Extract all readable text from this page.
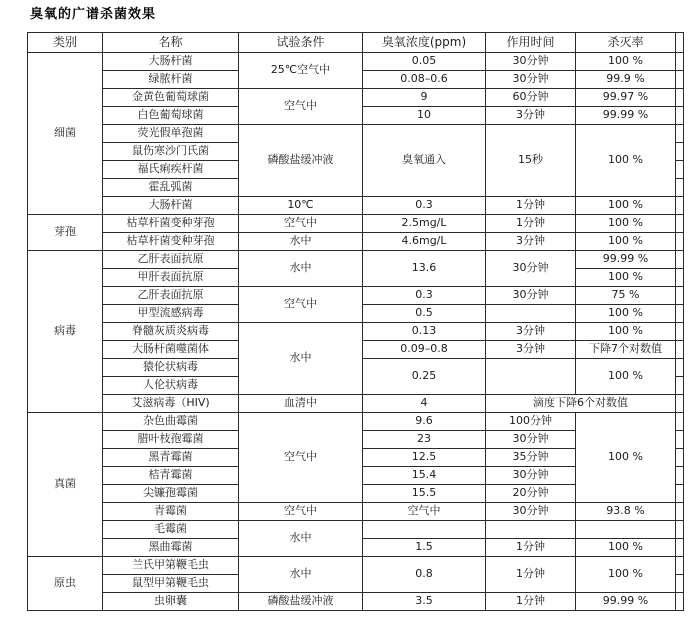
臭氧的广谱杀菌效果
类别	名称	试验条件	臭氧浓度(ppm)	作用时间	杀灭率	
细菌	大肠杆菌	25℃空气中	0.05	30分钟	100 %	
	绿脓杆菌		0.08–0.6	30分钟	99.9 %	
	金黄色葡萄球菌	空气中	9	60分钟	99.97 %	
	白色葡萄球菌		10	3分钟	99.99 %	
	荧光假单孢菌	磷酸盐缓冲液	臭氧通入	15秒	100 %	
	鼠伤寒沙门氏菌					
	福氏痢疾杆菌					
	霍乱弧菌					
	大肠杆菌	10℃	0.3	1分钟	100 %	
芽孢	枯草杆菌变种芽孢	空气中	2.5mg/L	1分钟	100 %	
	枯草杆菌变种芽孢	水中	4.6mg/L	3分钟	100 %	
病毒	乙肝表面抗原	水中	13.6	30分钟	99.99 %	
	甲肝表面抗原				100 %	
	乙肝表面抗原	空气中	0.3	30分钟	75 %	
	甲型流感病毒		0.5		100 %	
	脊髓灰质炎病毒	水中	0.13	3分钟	100 %	
	大肠杆菌噬菌体		0.09–0.8	3分钟	下降7个对数值	
	猿伦状病毒		0.25		100 %	
	人伦状病毒					
	艾滋病毒（HIV)	血清中	4	滴度下降6个对数值		
真菌	杂色曲霉菌	空气中	9.6	100分钟	100 %	
	腊叶枝孢霉菌		23	30分钟		
	黑青霉菌		12.5	35分钟		
	桔青霉菌		15.4	30分钟		
	尖镰孢霉菌		15.5	20分钟		
	青霉菌	空气中	空气中	30分钟	93.8 %	
	毛霉菌	水中				
	黑曲霉菌		1.5	1分钟	100 %	
原虫	兰氏甲第鞭毛虫	水中	0.8	1分钟	100 %	
	鼠型甲第鞭毛虫					
	虫卵囊	磷酸盐缓冲液	3.5	1分钟	99.99 %	
